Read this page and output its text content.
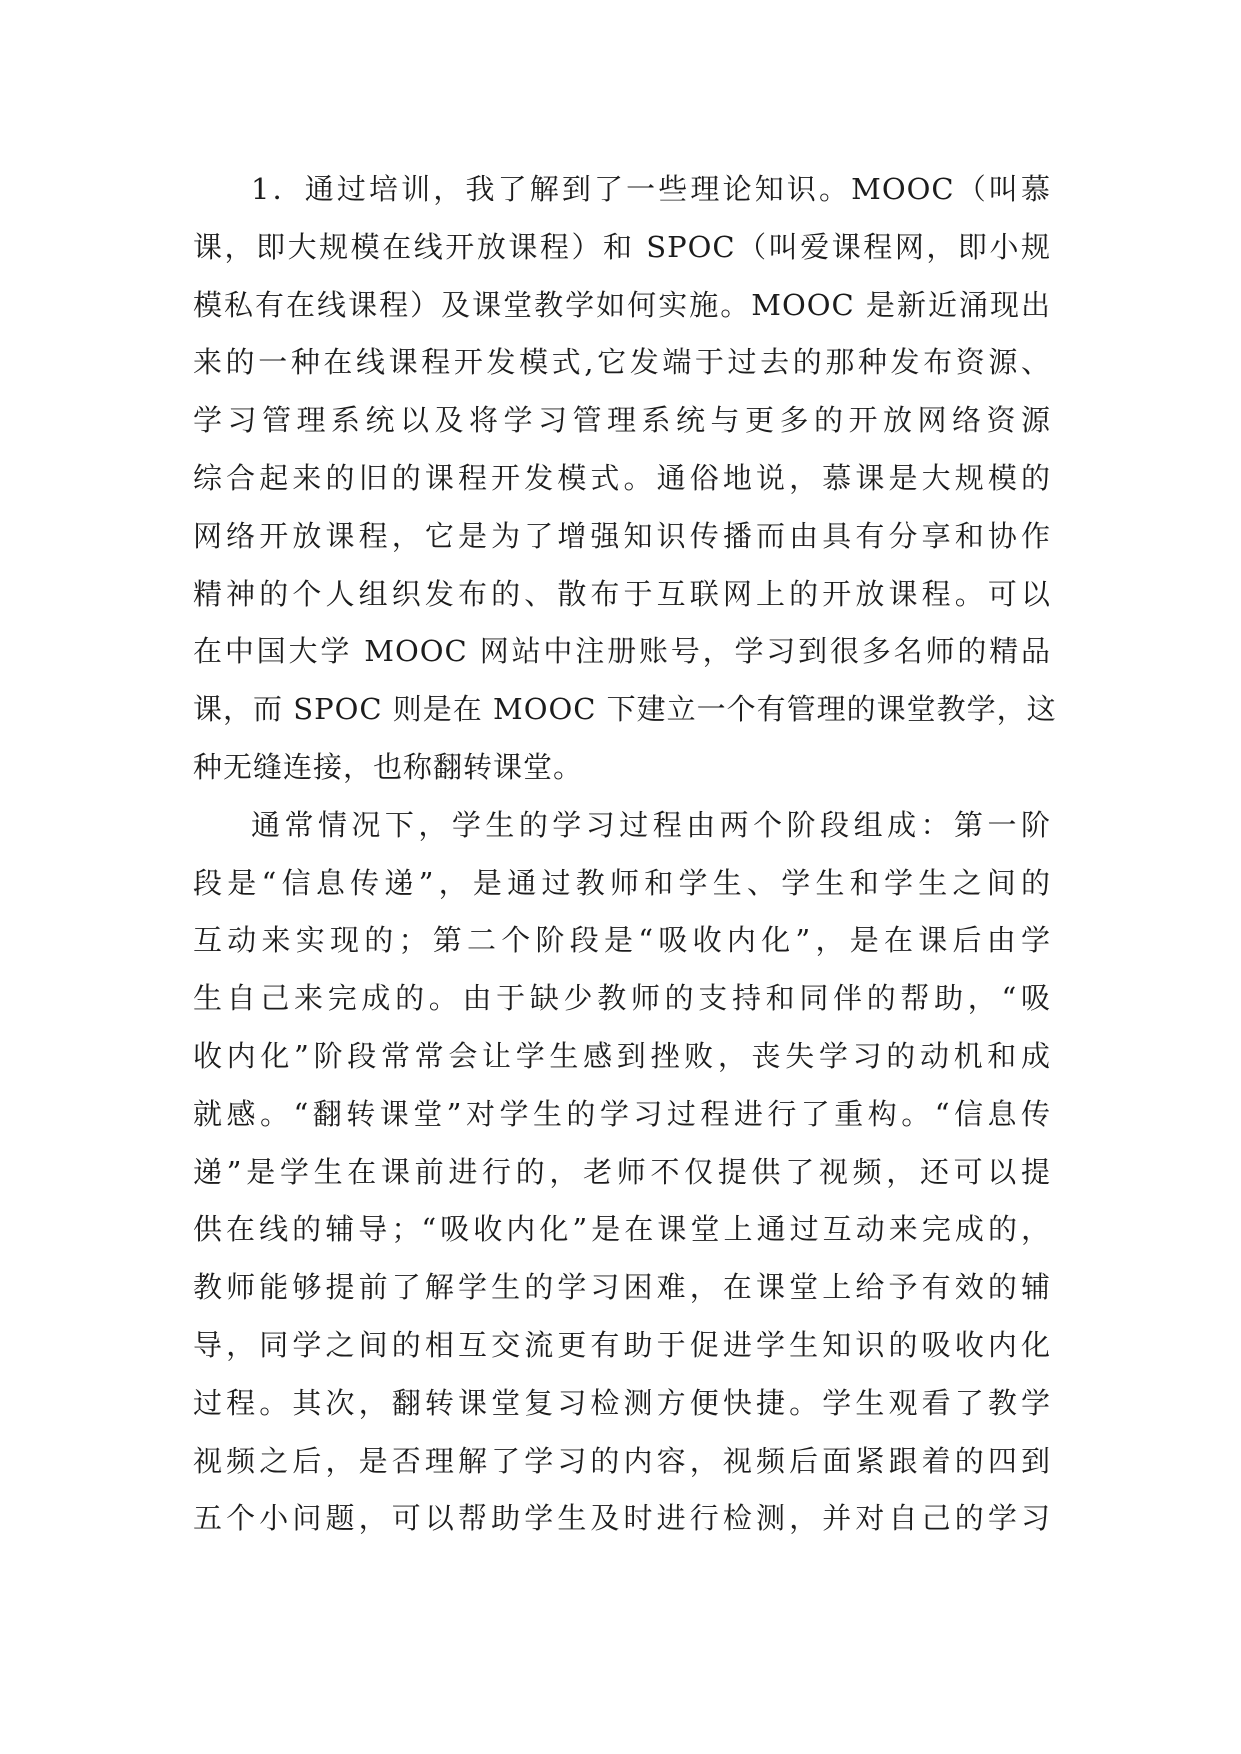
1．通过培训，我了解到了一些理论知识。MOOC（叫慕
课，即大规模在线开放课程）和 SPOC（叫爱课程网，即小规
模私有在线课程）及课堂教学如何实施。MOOC 是新近涌现出
来的一种在线课程开发模式,它发端于过去的那种发布资源、
学习管理系统以及将学习管理系统与更多的开放网络资源
综合起来的旧的课程开发模式。通俗地说，慕课是大规模的
网络开放课程，它是为了增强知识传播而由具有分享和协作
精神的个人组织发布的、散布于互联网上的开放课程。可以
在中国大学 MOOC 网站中注册账号，学习到很多名师的精品
课，而 SPOC 则是在 MOOC 下建立一个有管理的课堂教学，这
种无缝连接，也称翻转课堂。
通常情况下，学生的学习过程由两个阶段组成：第一阶
段是“信息传递”，是通过教师和学生、学生和学生之间的
互动来实现的；第二个阶段是“吸收内化”，是在课后由学
生自己来完成的。由于缺少教师的支持和同伴的帮助，“吸
收内化”阶段常常会让学生感到挫败，丧失学习的动机和成
就感。“翻转课堂”对学生的学习过程进行了重构。“信息传
递”是学生在课前进行的，老师不仅提供了视频，还可以提
供在线的辅导；“吸收内化”是在课堂上通过互动来完成的，
教师能够提前了解学生的学习困难，在课堂上给予有效的辅
导，同学之间的相互交流更有助于促进学生知识的吸收内化
过程。其次，翻转课堂复习检测方便快捷。学生观看了教学
视频之后，是否理解了学习的内容，视频后面紧跟着的四到
五个小问题，可以帮助学生及时进行检测，并对自己的学习
